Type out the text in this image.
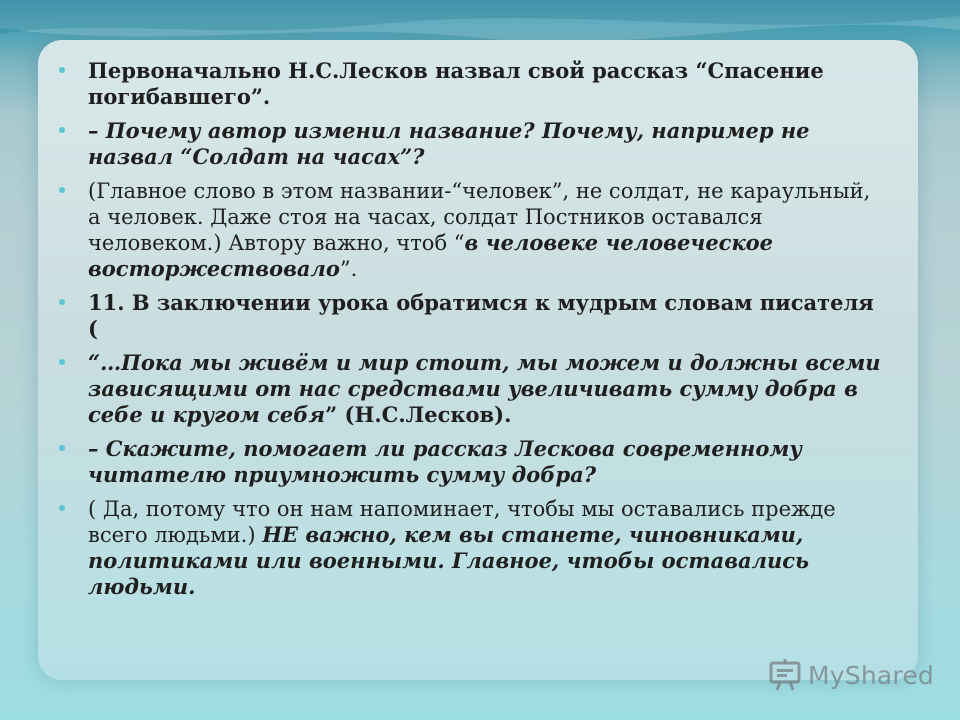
Первоначально Н.С.Лесков назвал свой рассказ “Спасение погибавшего”.
– Почему автор изменил название? Почему, например не назвал “Солдат на часах”?
(Главное слово в этом названии-“человек”, не солдат, не караульный, а человек. Даже стоя на часах, солдат Постников оставался человеком.) Автору важно, чтоб “в человеке человеческое восторжествовало”.
11. В заключении урока обратимся к мудрым словам писателя (
“…Пока мы живём и мир стоит, мы можем и должны всеми зависящими от нас средствами увеличивать сумму добра в себе и кругом себя” (Н.С.Лесков).
– Скажите, помогает ли рассказ Лескова современному читателю приумножить сумму добра?
( Да, потому что он нам напоминает, чтобы мы оставались прежде всего людьми.) НЕ важно, кем вы станете, чиновниками, политиками или военными. Главное, чтобы оставались людьми.
MyShared
